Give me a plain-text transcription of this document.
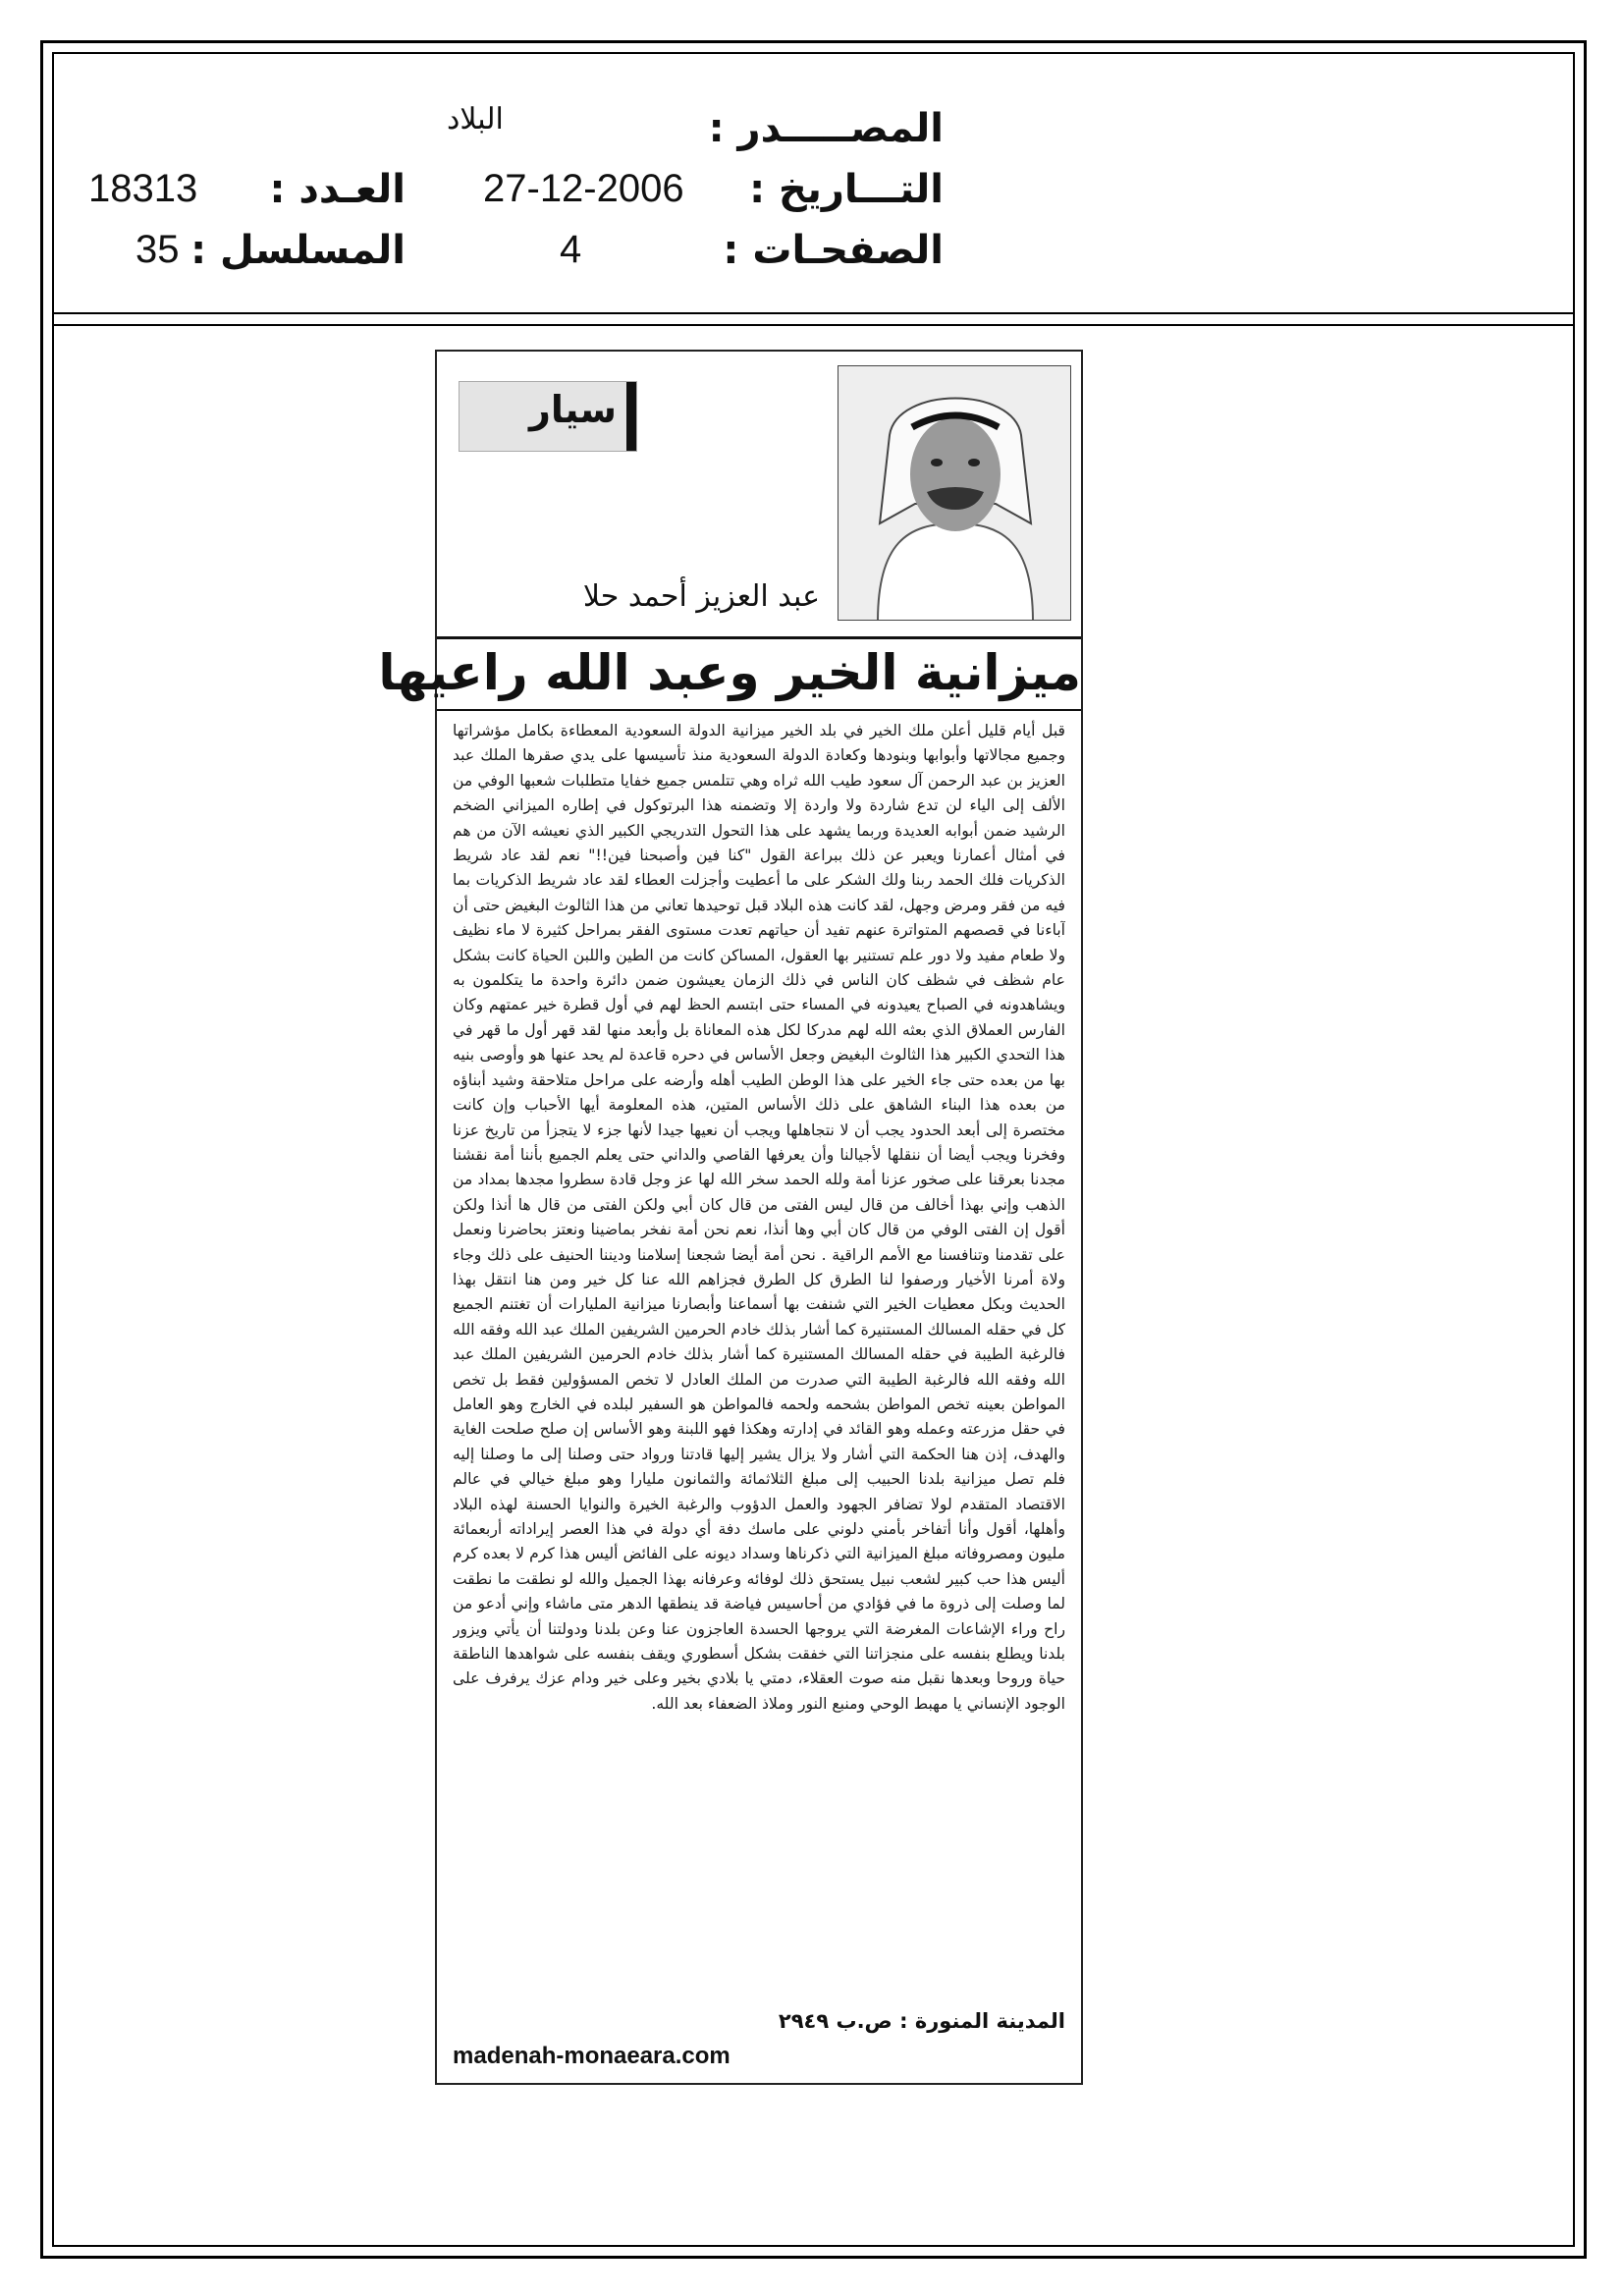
المصـــــدر :
البلاد
التـــاريخ :
27-12-2006
الصفحـات :
4
العـدد :
18313
المسلسل :
35
سيار
عبد العزيز أحمد حلا
ميزانية الخير وعبد الله راعيها
قبل أيام قليل أعلن ملك الخير في بلد الخير ميزانية الدولة السعودية المعطاءة بكامل مؤشراتها وجميع مجالاتها وأبوابها وبنودها وكعادة الدولة السعودية منذ تأسيسها على يدي صقرها الملك عبد العزيز بن عبد الرحمن آل سعود طيب الله ثراه وهي تتلمس جميع خفايا متطلبات شعبها الوفي من الألف إلى الياء لن تدع شاردة ولا واردة إلا وتضمنه هذا البرتوكول في إطاره الميزاني الضخم الرشيد ضمن أبوابه العديدة وربما يشهد على هذا التحول التدريجي الكبير الذي نعيشه الآن من هم في أمثال أعمارنا ويعبر عن ذلك ببراعة القول "كنا فين وأصبحنا فين!!" نعم لقد عاد شريط الذكريات فلك الحمد ربنا ولك الشكر على ما أعطيت وأجزلت العطاء لقد عاد شريط الذكريات بما فيه من فقر ومرض وجهل، لقد كانت هذه البلاد قبل توحيدها تعاني من هذا الثالوث البغيض حتى أن آباءنا في قصصهم المتواترة عنهم تفيد أن حياتهم تعدت مستوى الفقر بمراحل كثيرة لا ماء نظيف ولا طعام مفيد ولا دور علم تستنير بها العقول، المساكن كانت من الطين واللبن الحياة كانت بشكل عام شظف في شظف كان الناس في ذلك الزمان يعيشون ضمن دائرة واحدة ما يتكلمون به ويشاهدونه في الصباح يعيدونه في المساء حتى ابتسم الحظ لهم في أول قطرة خير عمتهم وكان الفارس العملاق الذي بعثه الله لهم مدركا لكل هذه المعاناة بل وأبعد منها لقد قهر أول ما قهر في هذا التحدي الكبير هذا الثالوث البغيض وجعل الأساس في دحره قاعدة لم يحد عنها هو وأوصى بنيه بها من بعده حتى جاء الخير على هذا الوطن الطيب أهله وأرضه على مراحل متلاحقة وشيد أبناؤه من بعده هذا البناء الشاهق على ذلك الأساس المتين، هذه المعلومة أيها الأحباب وإن كانت مختصرة إلى أبعد الحدود يجب أن لا نتجاهلها ويجب أن نعيها جيدا لأنها جزء لا يتجزأ من تاريخ عزنا وفخرنا ويجب أيضا أن ننقلها لأجيالنا وأن يعرفها القاصي والداني حتى يعلم الجميع بأننا أمة نقشنا مجدنا بعرقنا على صخور عزنا أمة ولله الحمد سخر الله لها عز وجل قادة سطروا مجدها بمداد من الذهب وإني بهذا أخالف من قال ليس الفتى من قال كان أبي ولكن الفتى من قال ها أنذا ولكن أقول إن الفتى الوفي من قال كان أبي وها أنذا، نعم نحن أمة نفخر بماضينا ونعتز بحاضرنا ونعمل على تقدمنا وتنافسنا مع الأمم الراقية . نحن أمة أيضا شجعنا إسلامنا وديننا الحنيف على ذلك وجاء ولاة أمرنا الأخيار ورصفوا لنا الطرق كل الطرق فجزاهم الله عنا كل خير ومن هنا انتقل بهذا الحديث وبكل معطيات الخير التي شنفت بها أسماعنا وأبصارنا ميزانية المليارات أن تغتنم الجميع كل في حقله المسالك المستنيرة كما أشار بذلك خادم الحرمين الشريفين الملك عبد الله وفقه الله فالرغبة الطيبة في حقله المسالك المستنيرة كما أشار بذلك خادم الحرمين الشريفين الملك عبد الله وفقه الله فالرغبة الطيبة التي صدرت من الملك العادل لا تخص المسؤولين فقط بل تخص المواطن بعينه تخص المواطن بشحمه ولحمه فالمواطن هو السفير لبلده في الخارج وهو العامل في حقل مزرعته وعمله وهو القائد في إدارته وهكذا فهو اللبنة وهو الأساس إن صلح صلحت الغاية والهدف، إذن هنا الحكمة التي أشار ولا يزال يشير إليها قادتنا ورواد حتى وصلنا إلى ما وصلنا إليه فلم تصل ميزانية بلدنا الحبيب إلى مبلغ الثلاثمائة والثمانون مليارا وهو مبلغ خيالي في عالم الاقتصاد المتقدم لولا تضافر الجهود والعمل الدؤوب والرغبة الخيرة والنوايا الحسنة لهذه البلاد وأهلها، أقول وأنا أتفاخر بأمني دلوني على ماسك دفة أي دولة في هذا العصر إيراداته أربعمائة مليون ومصروفاته مبلغ الميزانية التي ذكرناها وسداد ديونه على الفائض أليس هذا كرم لا بعده كرم أليس هذا حب كبير لشعب نبيل يستحق ذلك لوفائه وعرفانه بهذا الجميل والله لو نطقت ما نطقت لما وصلت إلى ذروة ما في فؤادي من أحاسيس فياضة قد ينطقها الدهر متى ماشاء وإني أدعو من راح وراء الإشاعات المغرضة التي يروجها الحسدة العاجزون عنا وعن بلدنا ودولتنا أن يأتي ويزور بلدنا ويطلع بنفسه على منجزاتنا التي خفقت بشكل أسطوري ويقف بنفسه على شواهدها الناطقة حياة وروحا وبعدها نقبل منه صوت العقلاء، دمتي يا بلادي بخير وعلى خير ودام عزك يرفرف على الوجود الإنساني يا مهبط الوحي ومنبع النور وملاذ الضعفاء بعد الله.
المدينة المنورة : ص.ب ٢٩٤٩
madenah-monaeara.com
